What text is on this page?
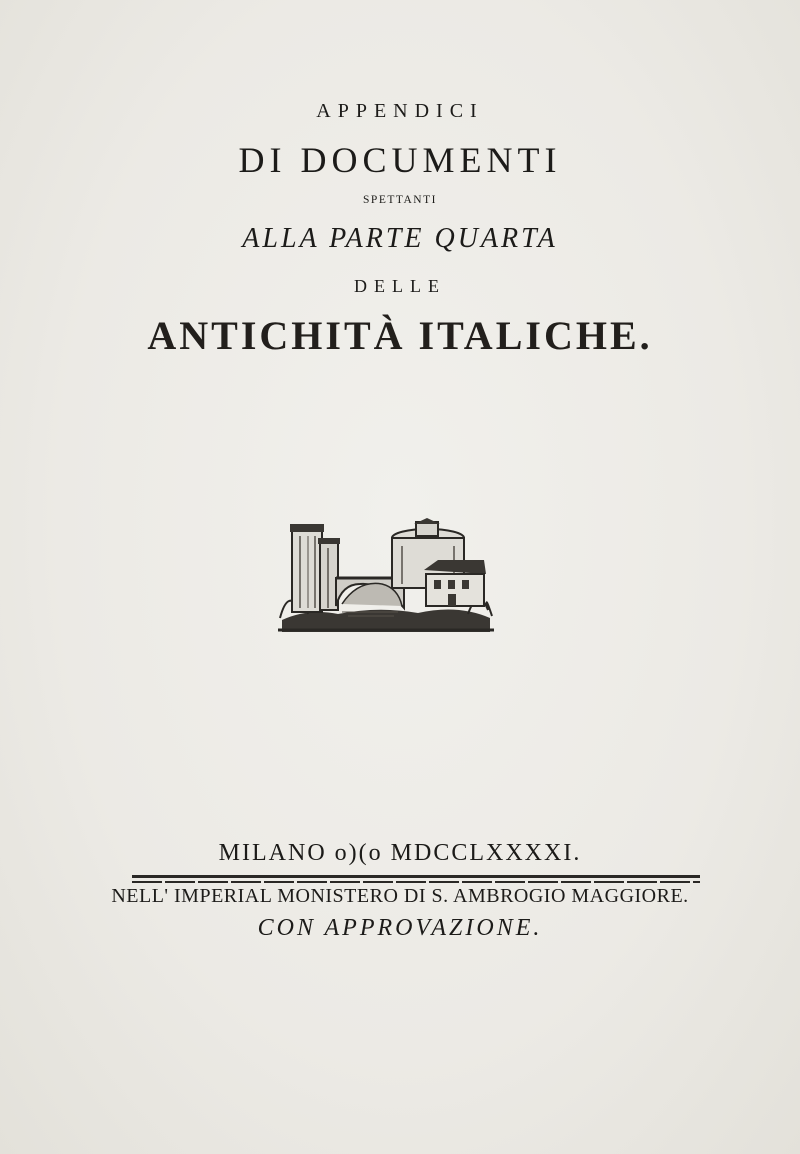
APPENDICI
DI DOCUMENTI
SPETTANTI
ALLA PARTE QUARTA
DELLE
ANTICHITÀ ITALICHE.
MILANO o)(o MDCCLXXXXI.
NELL' IMPERIAL MONISTERO DI S. AMBROGIO MAGGIORE.
CON APPROVAZIONE.
